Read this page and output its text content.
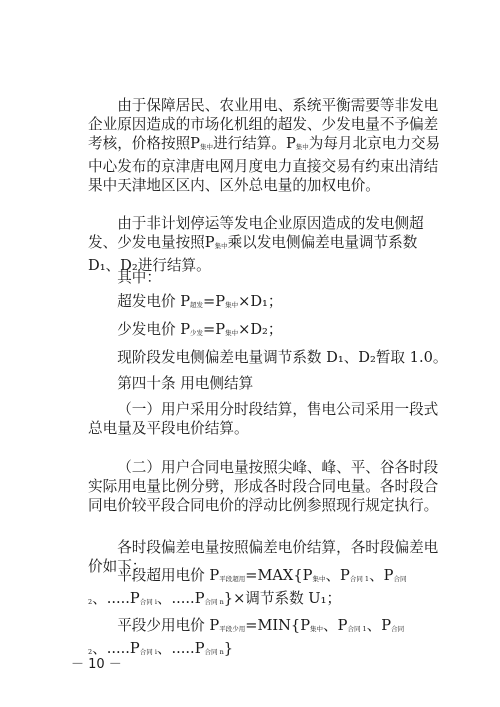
由于保障居民、农业用电、系统平衡需要等非发电企业原因造成的市场化机组的超发、少发电量不予偏差考核，价格按照P集中进行结算。P集中为每月北京电力交易中心发布的京津唐电网月度电力直接交易有约束出清结果中天津地区区内、区外总电量的加权电价。

由于非计划停运等发电企业原因造成的发电侧超发、少发电量按照P集中乘以发电侧偏差电量调节系数 D₁、D₂进行结算。

其中：

超发电价 P超发=P集中×D₁；

少发电价 P少发=P集中×D₂；

现阶段发电侧偏差电量调节系数 D₁、D₂暂取 1.0。

第四十条 用电侧结算

（一）用户采用分时段结算，售电公司采用一段式总电量及平段电价结算。

（二）用户合同电量按照尖峰、峰、平、谷各时段实际用电量比例分劈，形成各时段合同电量。各时段合同电价较平段合同电价的浮动比例参照现行规定执行。

各时段偏差电量按照偏差电价结算，各时段偏差电价如下：

平段超用电价 P平段超用=MAX{P集中、P合同 1、P合同 2、.....P合同 i、.....P合同 n}×调节系数 U₁；

平段少用电价 P平段少用=MIN{P集中、P合同 1、P合同 2、.....P合同 i、.....P合同 n}

－ 10 －
